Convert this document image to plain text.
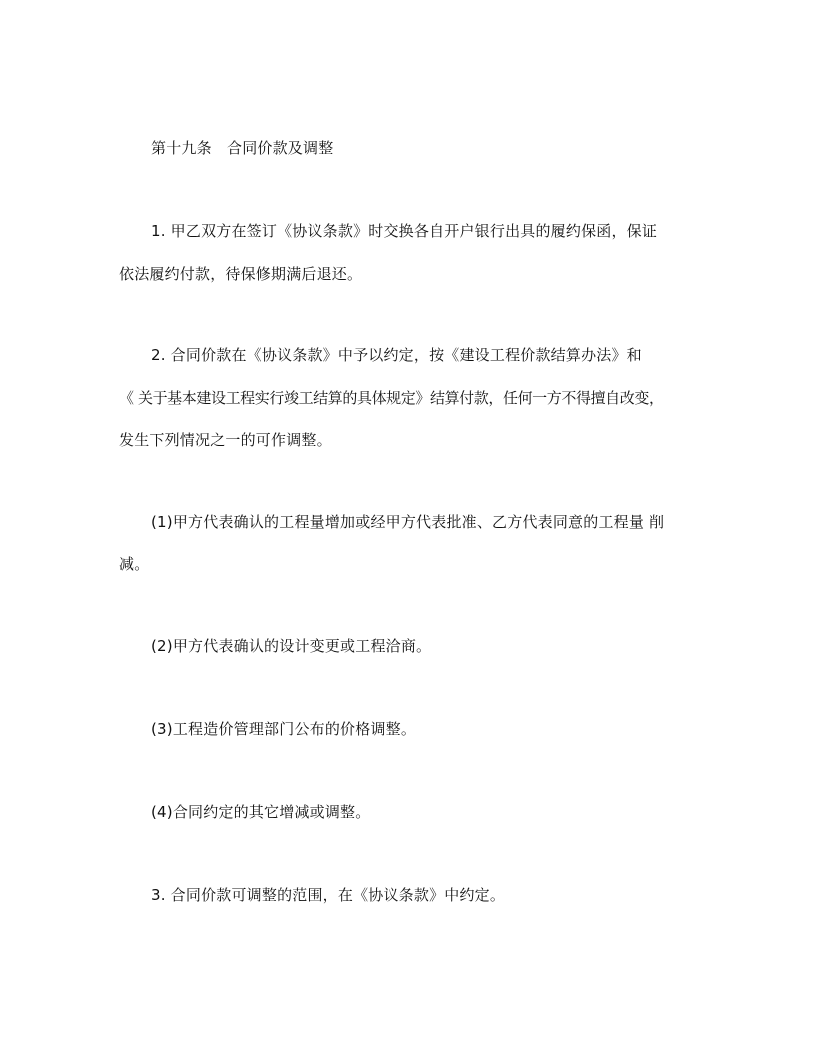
第十九条　合同价款及调整
1. 甲乙双方在签订《协议条款》时交换各自开户银行出具的履约保函，保证
依法履约付款，待保修期满后退还。
2. 合同价款在《协议条款》中予以约定，按《建设工程价款结算办法》和
《 关于基本建设工程实行竣工结算的具体规定》结算付款，任何一方不得擅自改变，
发生下列情况之一的可作调整。
(1)甲方代表确认的工程量增加或经甲方代表批准、乙方代表同意的工程量 削
减。
(2)甲方代表确认的设计变更或工程洽商。
(3)工程造价管理部门公布的价格调整。
(4)合同约定的其它增减或调整。
3. 合同价款可调整的范围，在《协议条款》中约定。
